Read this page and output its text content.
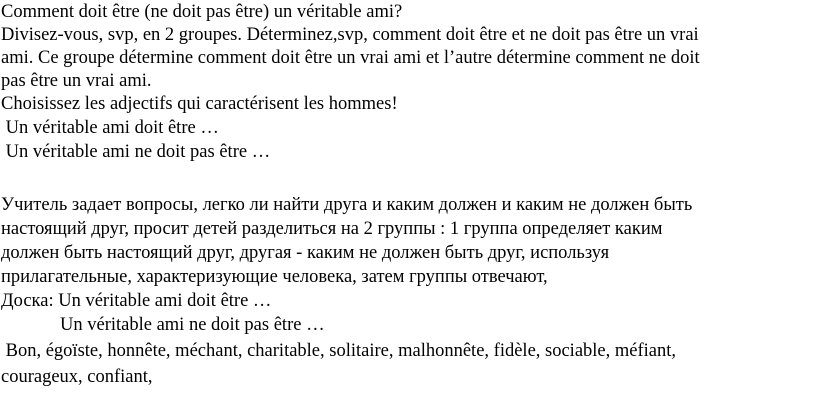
Comment doit être (ne doit pas être) un véritable ami?
Divisez-vous, svp, en 2 groupes. Déterminez,svp, comment doit être et ne doit pas être un vrai
ami. Ce groupe détermine comment doit être un vrai ami et l’autre détermine comment ne doit
pas être un vrai ami.
Choisissez les adjectifs qui caractérisent les hommes!
Un véritable ami doit être …
Un véritable ami ne doit pas être …
Учитель задает вопросы, легко ли найти друга и каким должен и каким не должен быть
настоящий друг, просит детей разделиться на 2 группы : 1 группа определяет каким
должен быть настоящий друг, другая - каким не должен быть друг, используя
прилагательные, характеризующие человека, затем группы отвечают,
Доска: Un véritable ami doit être …
Un véritable ami ne doit pas être …
Bon, égoïste, honnête, méchant, charitable, solitaire, malhonnête, fidèle, sociable, méfiant,
courageux, confiant,
